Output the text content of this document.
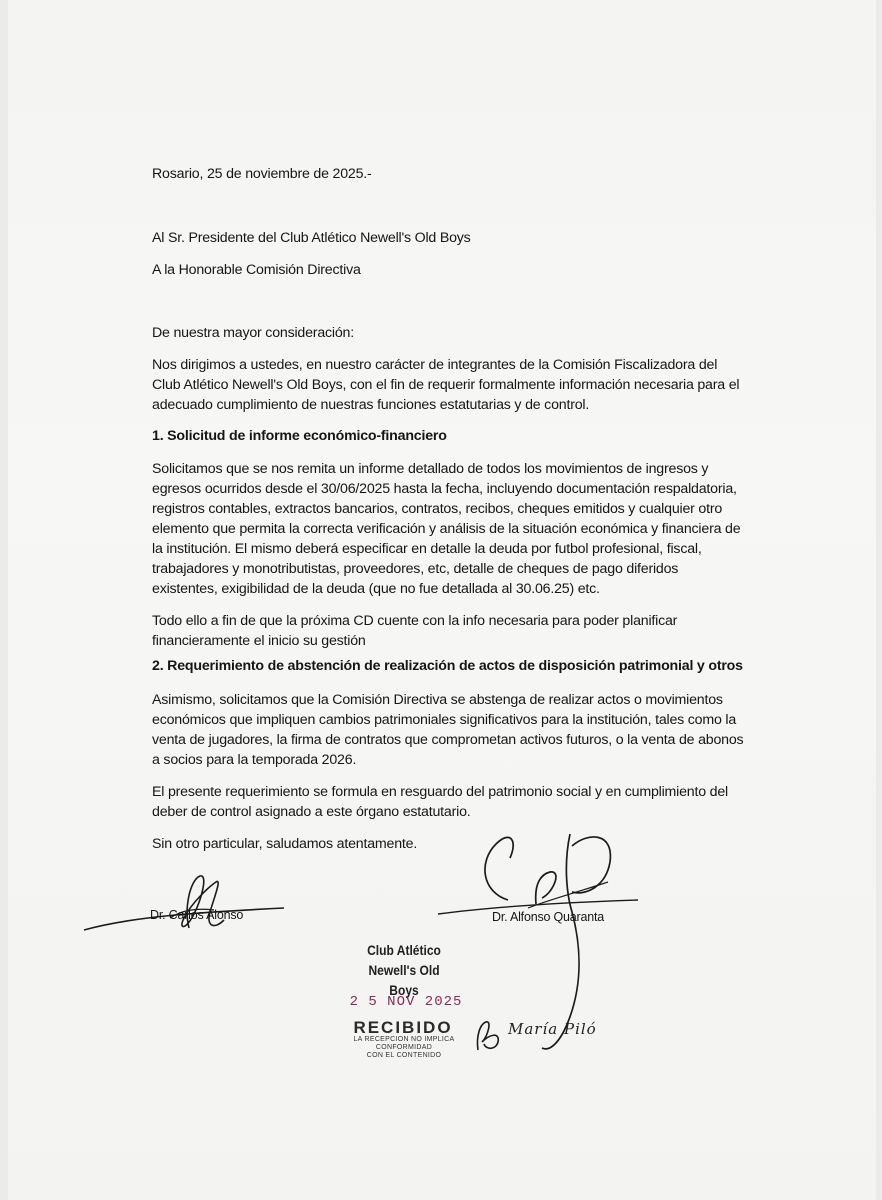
Rosario, 25 de noviembre de 2025.-

Al Sr. Presidente del Club Atlético Newell's Old Boys

A la Honorable Comisión Directiva

De nuestra mayor consideración:

Nos dirigimos a ustedes, en nuestro carácter de integrantes de la Comisión Fiscalizadora del Club Atlético Newell's Old Boys, con el fin de requerir formalmente información necesaria para el adecuado cumplimiento de nuestras funciones estatutarias y de control.

1. Solicitud de informe económico-financiero

Solicitamos que se nos remita un informe detallado de todos los movimientos de ingresos y egresos ocurridos desde el 30/06/2025 hasta la fecha, incluyendo documentación respaldatoria, registros contables, extractos bancarios, contratos, recibos, cheques emitidos y cualquier otro elemento que permita la correcta verificación y análisis de la situación económica y financiera de la institución. El mismo deberá especificar en detalle la deuda por futbol profesional, fiscal, trabajadores y monotributistas, proveedores, etc, detalle de cheques de pago diferidos existentes, exigibilidad de la deuda (que no fue detallada al 30.06.25) etc.

Todo ello a fin de que la próxima CD cuente con la info necesaria para poder planificar financieramente el inicio su gestión

2. Requerimiento de abstención de realización de actos de disposición patrimonial y otros

Asimismo, solicitamos que la Comisión Directiva se abstenga de realizar actos o movimientos económicos que impliquen cambios patrimoniales significativos para la institución, tales como la venta de jugadores, la firma de contratos que comprometan activos futuros, o la venta de abonos a socios para la temporada 2026.

El presente requerimiento se formula en resguardo del patrimonio social y en cumplimiento del deber de control asignado a este órgano estatutario.

Sin otro particular, saludamos atentamente.

Dr. Carlos Alonso	Dr. Alfonso Quaranta
Club Atlético
Newell's Old Boys
2 5 NOV 2025
RECIBIDO
LA RECEPCION NO IMPLICA
CONFORMIDAD
CON EL CONTENIDO
María Piló
